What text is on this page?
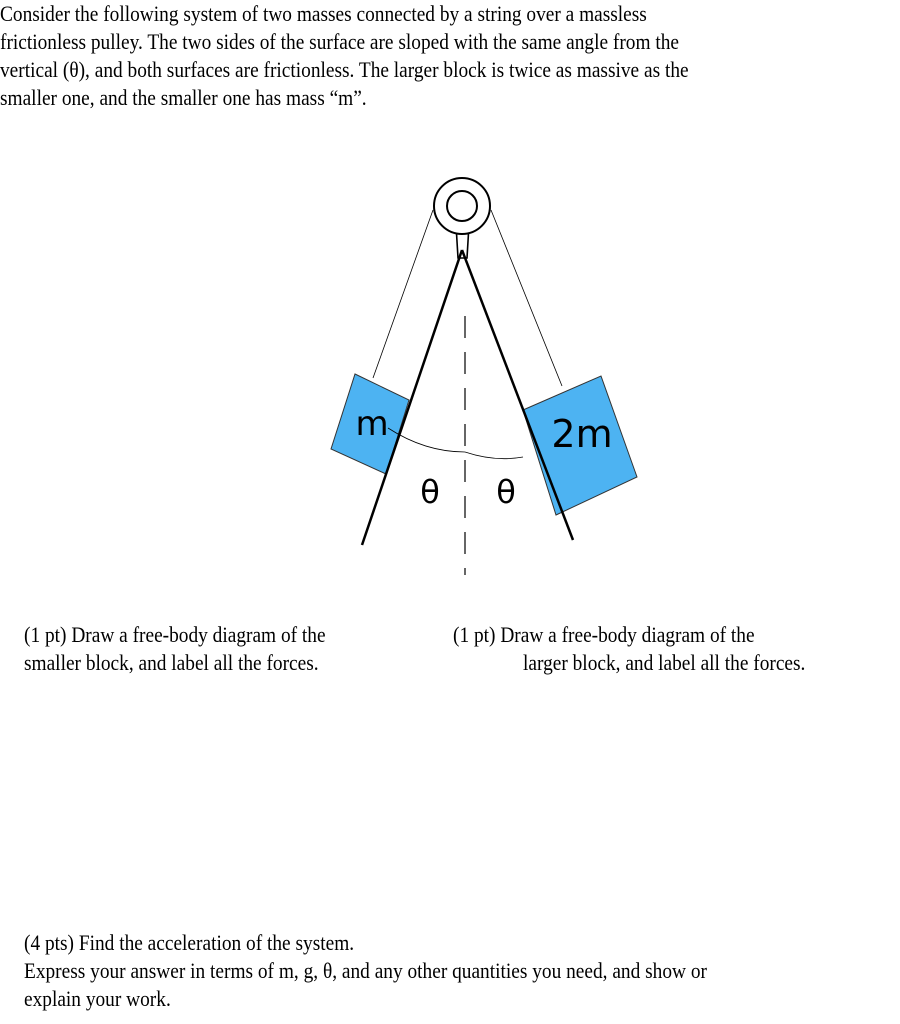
Consider the following system of two masses connected by a string over a massless
frictionless pulley. The two sides of the surface are sloped with the same angle from the
vertical (θ), and both surfaces are frictionless. The larger block is twice as massive as the
smaller one, and the smaller one has mass “m”.
m	2m
θ θ
(1 pt) Draw a free-body diagram of the
smaller block, and label all the forces.
(1 pt) Draw a free-body diagram of the
larger block, and label all the forces.
(4 pts) Find the acceleration of the system.
Express your answer in terms of m, g, θ, and any other quantities you need, and show or
explain your work.
